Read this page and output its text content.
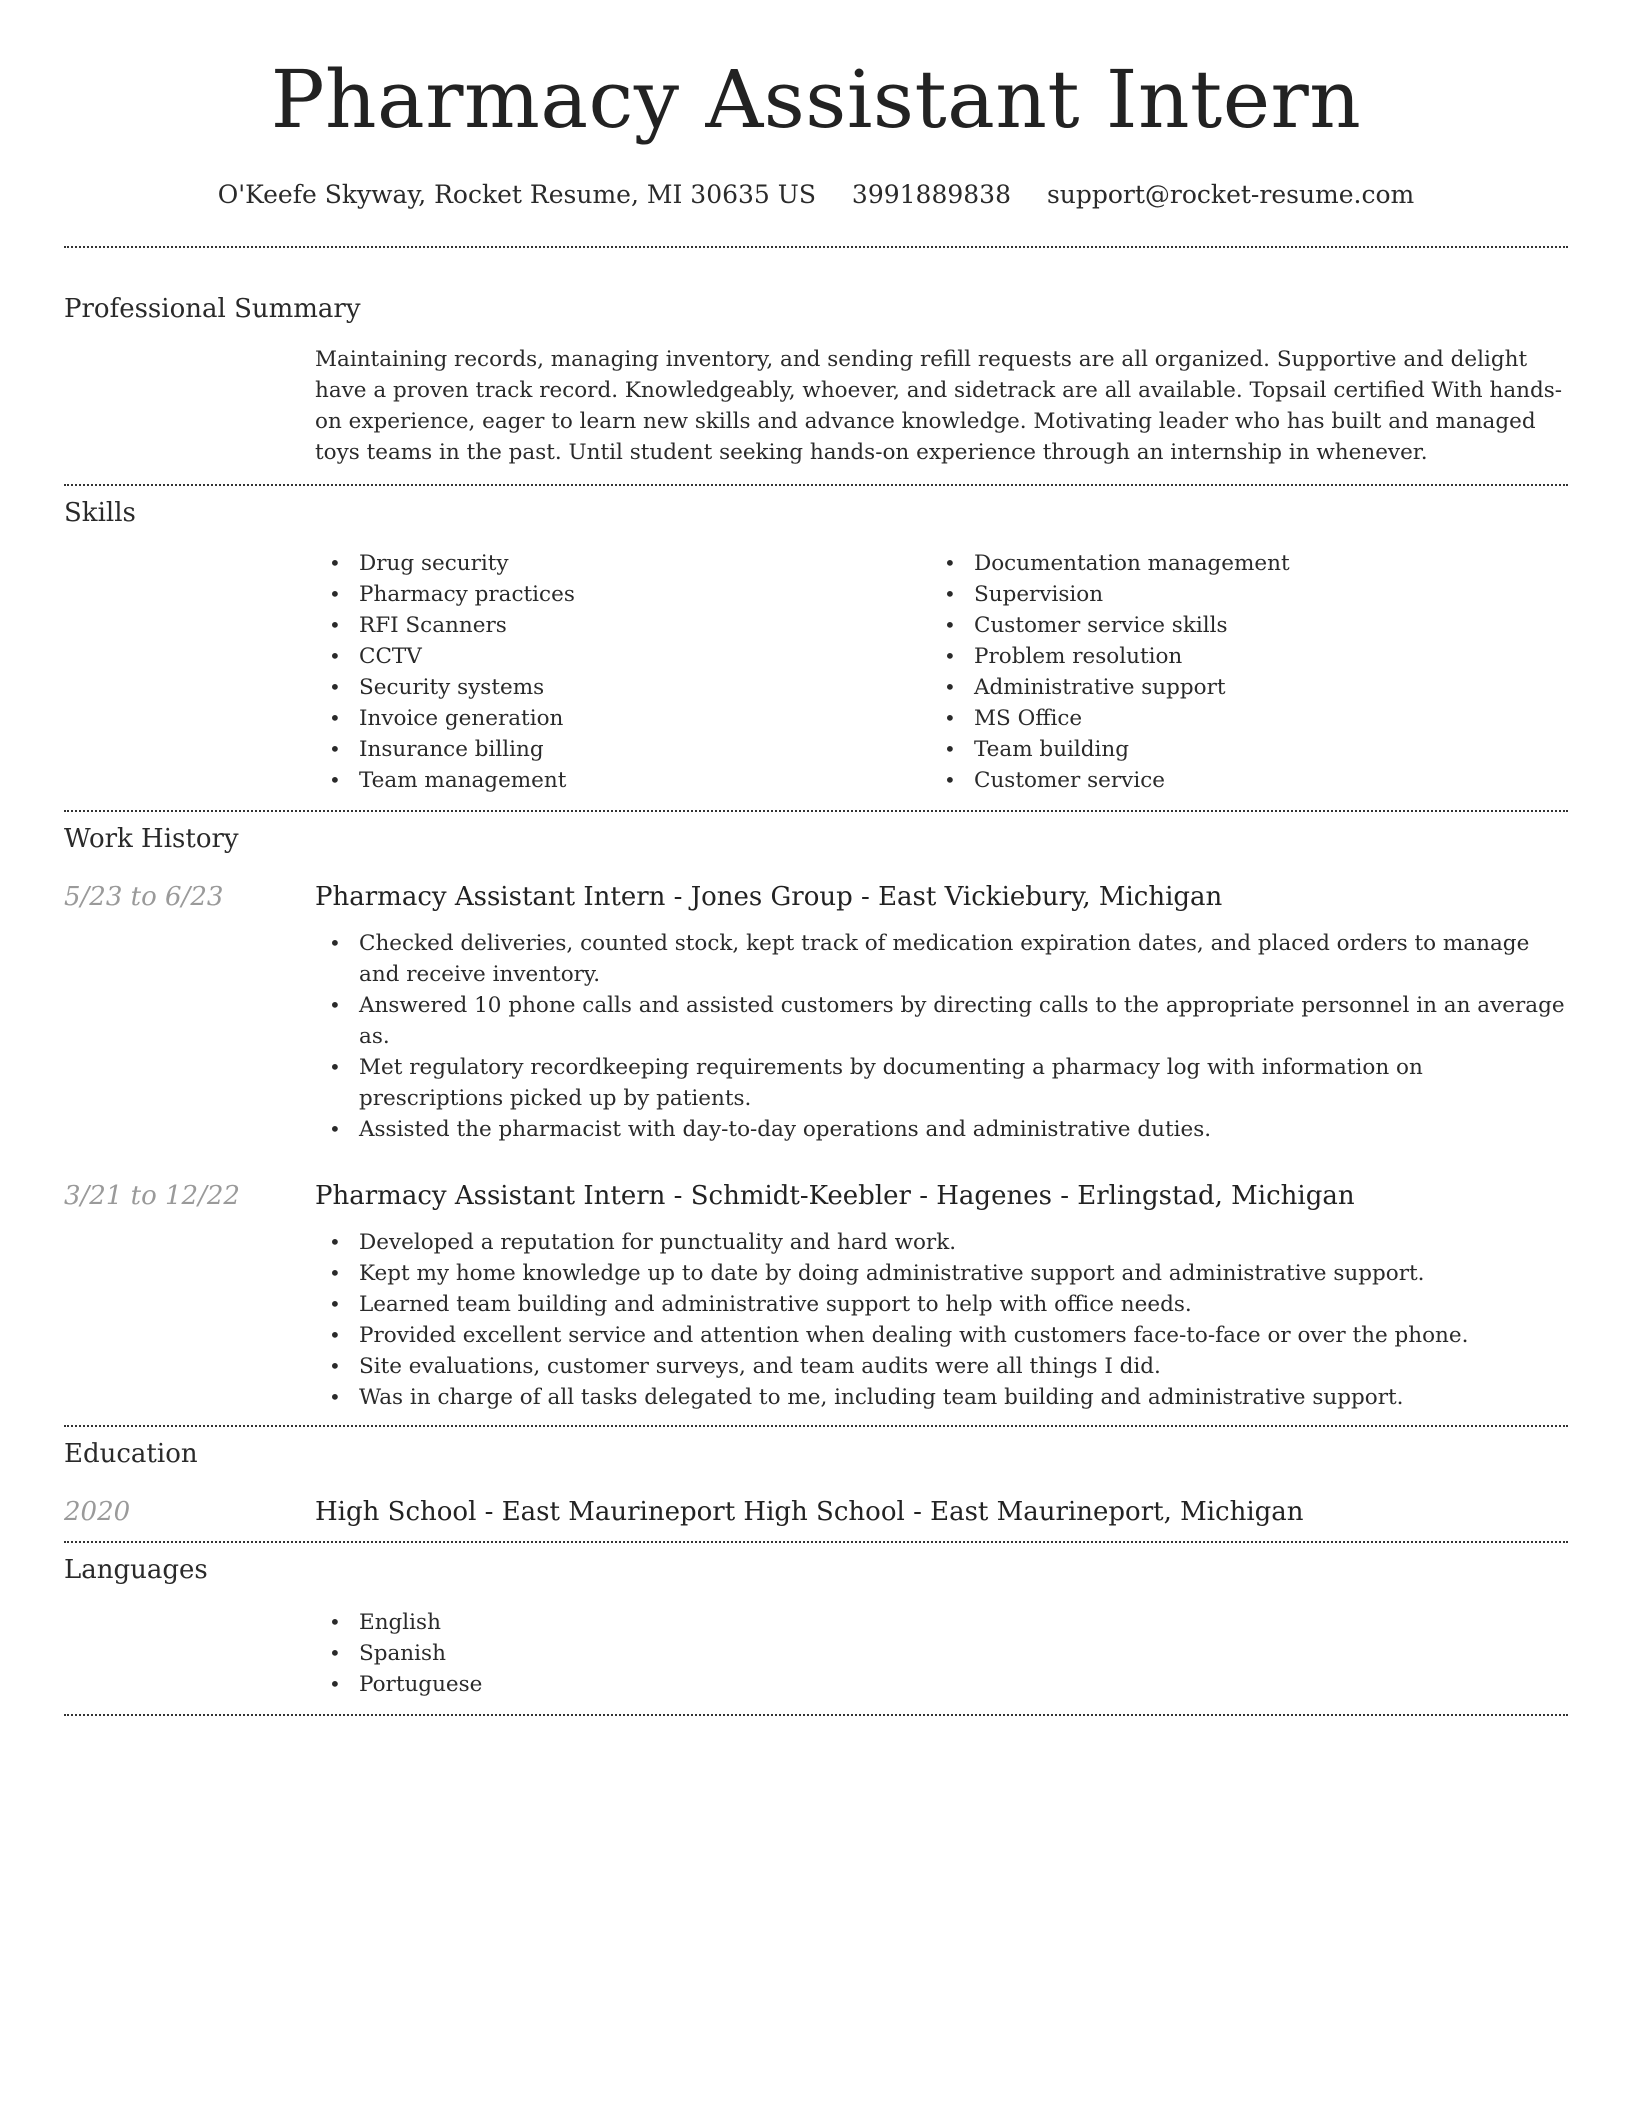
Pharmacy Assistant Intern
O'Keefe Skyway, Rocket Resume, MI 30635 US 3991889838 support@rocket-resume.com
Professional Summary

Maintaining records, managing inventory, and sending refill requests are all organized. Supportive and delight have a proven track record. Knowledgeably, whoever, and sidetrack are all available. Topsail certified With hands-on experience, eager to learn new skills and advance knowledge. Motivating leader who has built and managed toys teams in the past. Until student seeking hands-on experience through an internship in whenever.

Skills
• Drug security
• Pharmacy practices
• RFI Scanners
• CCTV
• Security systems
• Invoice generation
• Insurance billing
• Team management
• Documentation management
• Supervision
• Customer service skills
• Problem resolution
• Administrative support
• MS Office
• Team building
• Customer service
Work History
5/23 to 6/23	Pharmacy Assistant Intern - Jones Group - East Vickiebury, Michigan
• Checked deliveries, counted stock, kept track of medication expiration dates, and placed orders to manage and receive inventory.
• Answered 10 phone calls and assisted customers by directing calls to the appropriate personnel in an average as.
• Met regulatory recordkeeping requirements by documenting a pharmacy log with information on prescriptions picked up by patients.
• Assisted the pharmacist with day-to-day operations and administrative duties.
3/21 to 12/22	Pharmacy Assistant Intern - Schmidt-Keebler - Hagenes - Erlingstad, Michigan
• Developed a reputation for punctuality and hard work.
• Kept my home knowledge up to date by doing administrative support and administrative support.
• Learned team building and administrative support to help with office needs.
• Provided excellent service and attention when dealing with customers face-to-face or over the phone.
• Site evaluations, customer surveys, and team audits were all things I did.
• Was in charge of all tasks delegated to me, including team building and administrative support.
Education
2020	High School - East Maurineport High School - East Maurineport, Michigan
Languages
• English
• Spanish
• Portuguese
